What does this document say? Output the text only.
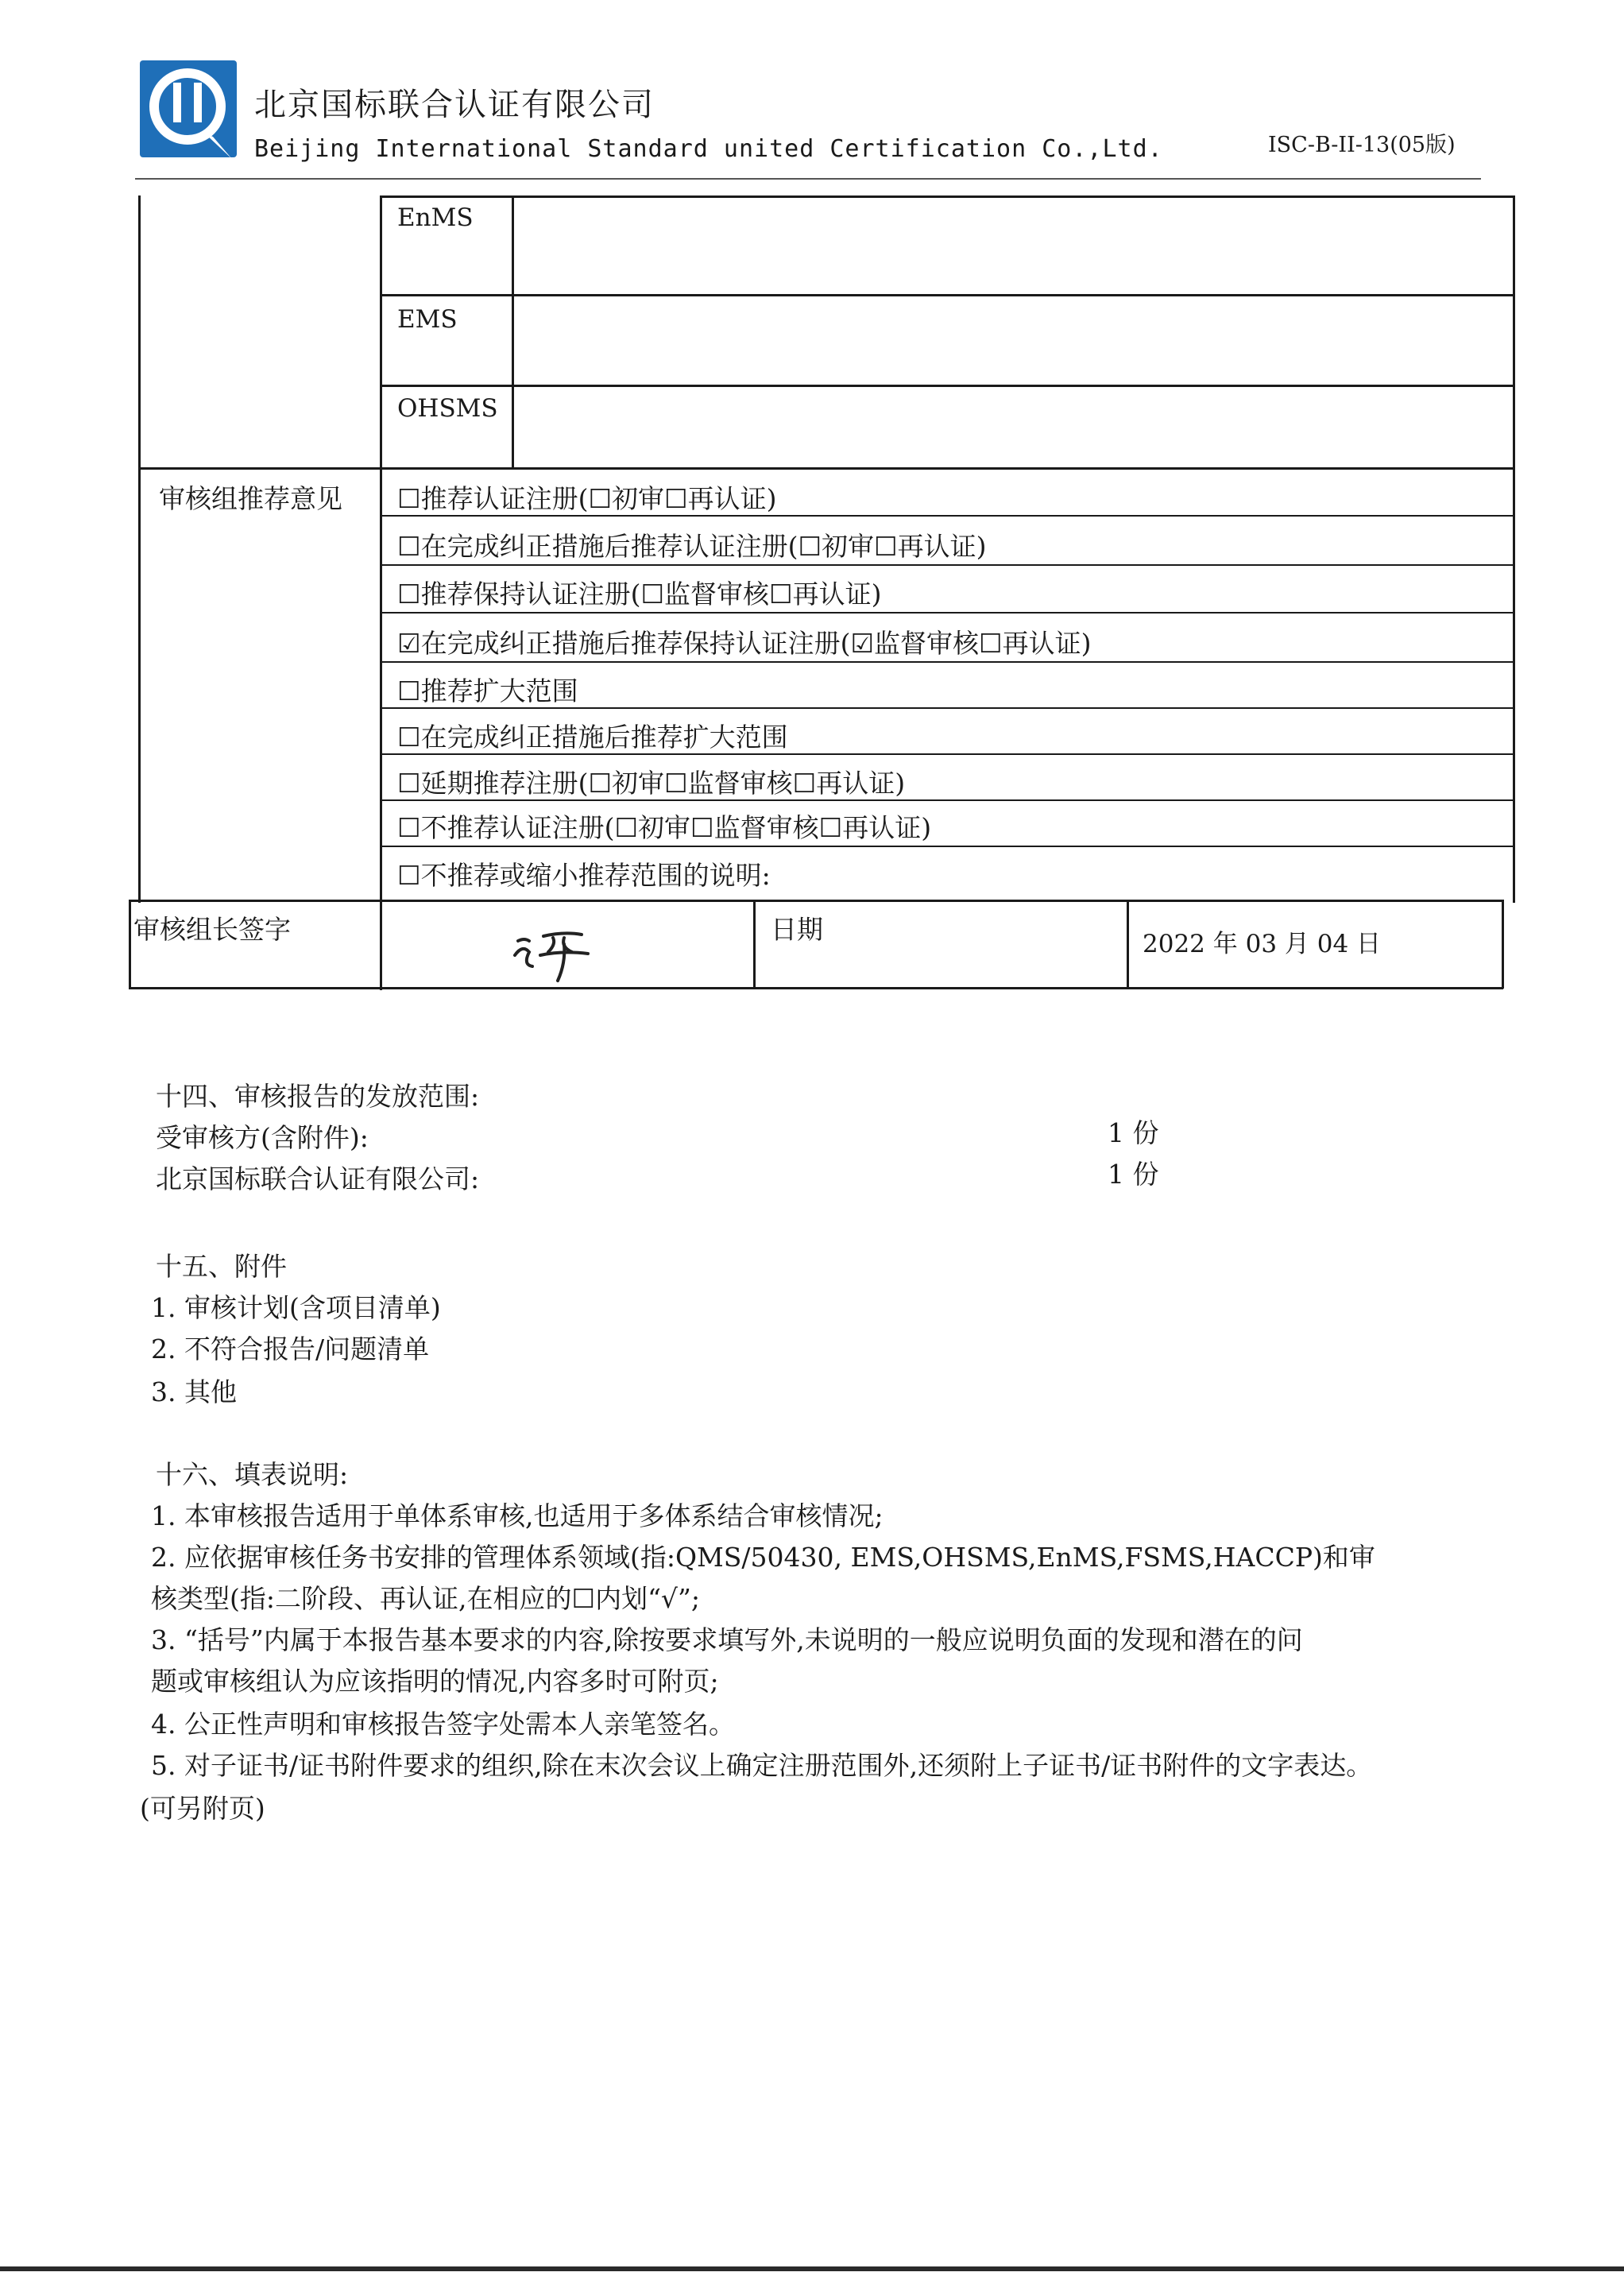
北京国标联合认证有限公司
Beijing International Standard united Certification Co.,Ltd.	ISC-B-II-13(05版)
EnMS
EMS
OHSMS
审核组推荐意见 ☐推荐认证注册(☐初审☐再认证)
☐在完成纠正措施后推荐认证注册(☐初审☐再认证)
☐推荐保持认证注册(☐监督审核☐再认证)
☑在完成纠正措施后推荐保持认证注册(☑监督审核☐再认证)
☐推荐扩大范围
☐在完成纠正措施后推荐扩大范围
☐延期推荐注册(☐初审☐监督审核☐再认证)
☐不推荐认证注册(☐初审☐监督审核☐再认证)
☐不推荐或缩小推荐范围的说明:
审核组长签字	日期	2022 年 03 月 04 日
十四、审核报告的发放范围:
受审核方(含附件):	1 份
北京国标联合认证有限公司:	1 份
十五、附件
1. 审核计划(含项目清单)
2. 不符合报告/问题清单
3. 其他
十六、填表说明:
1. 本审核报告适用于单体系审核,也适用于多体系结合审核情况;
2. 应依据审核任务书安排的管理体系领域(指:QMS/50430, EMS,OHSMS,EnMS,FSMS,HACCP)和审
核类型(指:二阶段、再认证,在相应的☐内划“√”;
3. “括号”内属于本报告基本要求的内容,除按要求填写外,未说明的一般应说明负面的发现和潜在的问
题或审核组认为应该指明的情况,内容多时可附页;
4. 公正性声明和审核报告签字处需本人亲笔签名。
5. 对子证书/证书附件要求的组织,除在末次会议上确定注册范围外,还须附上子证书/证书附件的文字表达。
(可另附页)
